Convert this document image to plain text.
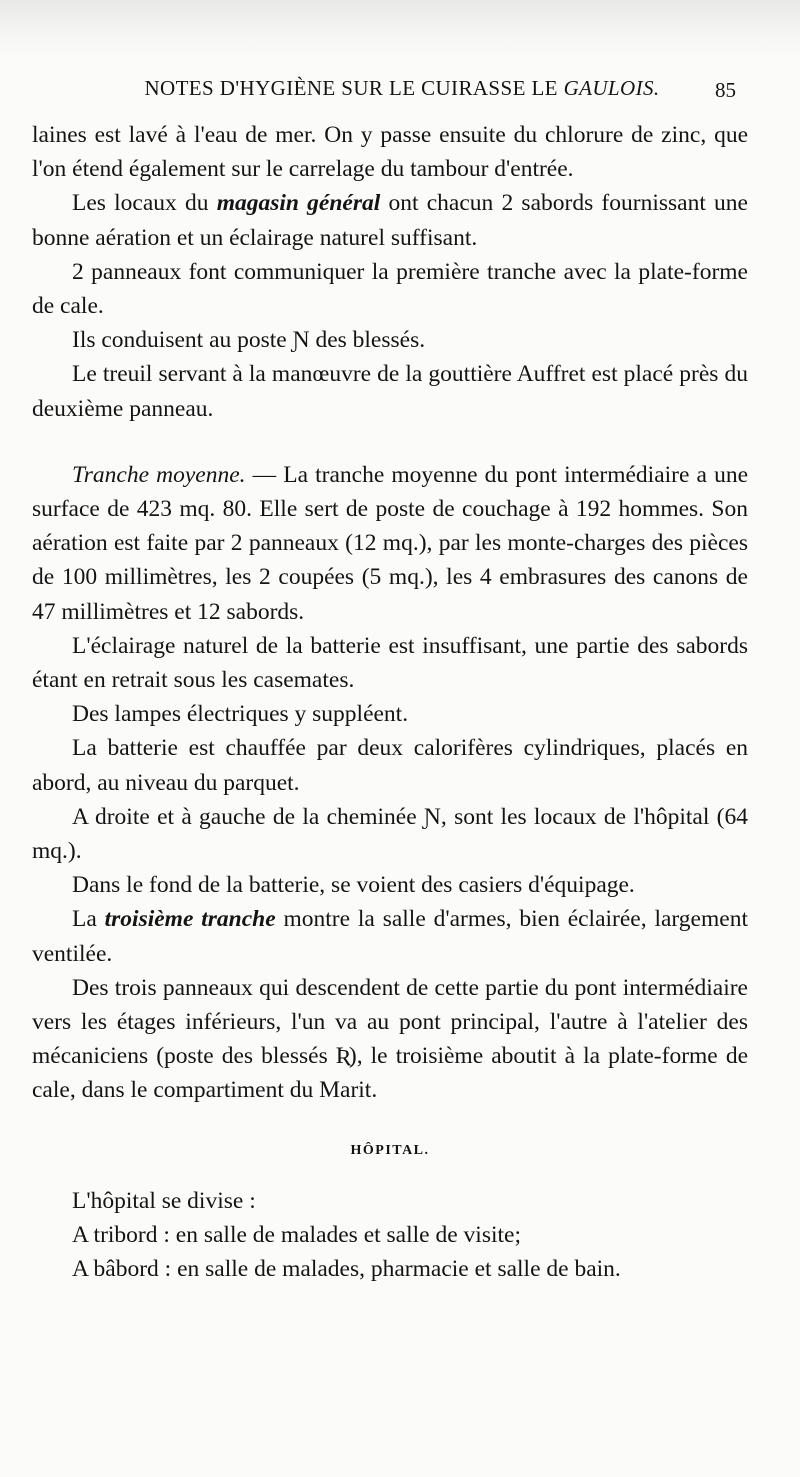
NOTES D'HYGIÈNE SUR LE CUIRASSE LE GAULOIS.

laines est lavé à l'eau de mer. On y passe ensuite du chlorure de zinc, que l'on étend également sur le carrelage du tambour d'entrée.

Les locaux du magasin général ont chacun 2 sabords fournissant une bonne aération et un éclairage naturel suffisant.

2 panneaux font communiquer la première tranche avec la plate-forme de cale.

Ils conduisent au poste Ɲ des blessés.

Le treuil servant à la manœuvre de la gouttière Auffret est placé près du deuxième panneau.

Tranche moyenne. — La tranche moyenne du pont intermédiaire a une surface de 423 mq. 80. Elle sert de poste de couchage à 192 hommes. Son aération est faite par 2 panneaux (12 mq.), par les monte-charges des pièces de 100 millimètres, les 2 coupées (5 mq.), les 4 embrasures des canons de 47 millimètres et 12 sabords.

L'éclairage naturel de la batterie est insuffisant, une partie des sabords étant en retrait sous les casemates.

Des lampes électriques y suppléent.

La batterie est chauffée par deux calorifères cylindriques, placés en abord, au niveau du parquet.

A droite et à gauche de la cheminée Ɲ, sont les locaux de l'hôpital (64 mq.).

Dans le fond de la batterie, se voient des casiers d'équipage.

La troisième tranche montre la salle d'armes, bien éclairée, largement ventilée.

Des trois panneaux qui descendent de cette partie du pont intermédiaire vers les étages inférieurs, l'un va au pont principal, l'autre à l'atelier des mécaniciens (poste des blessés Ʀ), le troisième aboutit à la plate-forme de cale, dans le compartiment du Marit.

HÔPITAL.

L'hôpital se divise :

A tribord : en salle de malades et salle de visite;

A bâbord : en salle de malades, pharmacie et salle de bain.

85
